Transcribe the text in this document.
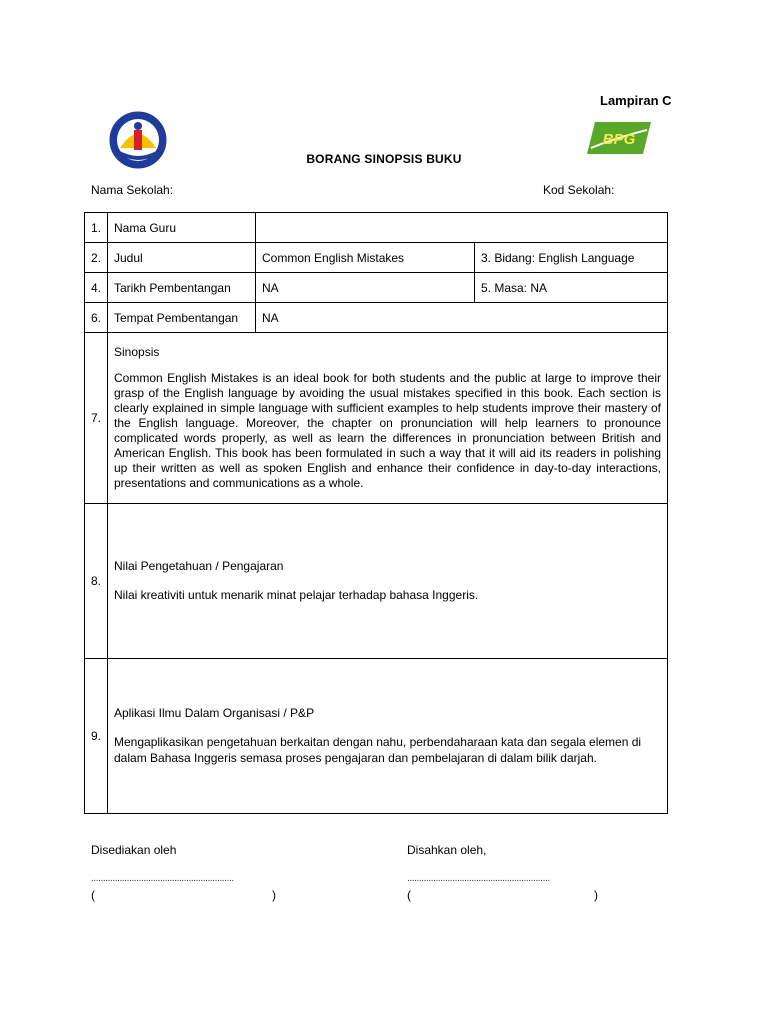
Lampiran C
BPG
BORANG SINOPSIS BUKU
Nama Sekolah:	Kod Sekolah:
1.	Nama Guru		
2.	Judul	Common English Mistakes	3. Bidang: English Language
4.	Tarikh Pembentangan	NA	5. Masa: NA
6.	Tempat Pembentangan	NA	
7.	Sinopsis
Common English Mistakes is an ideal book for both students and the public at large to improve their grasp of the English language by avoiding the usual mistakes specified in this book. Each section is clearly explained in simple language with sufficient examples to help students improve their mastery of the English language. Moreover, the chapter on pronunciation will help learners to pronounce complicated words properly, as well as learn the differences in pronunciation between British and American English. This book has been formulated in such a way that it will aid its readers in polishing up their written as well as spoken English and enhance their confidence in day-to-day interactions, presentations and communications as a whole.		

8.	Nilai Pengetahuan / Pengajaran
Nilai kreativiti untuk menarik minat pelajar terhadap bahasa Inggeris.		

9.	Aplikasi Ilmu Dalam Organisasi / P&P
Mengaplikasikan pengetahuan berkaitan dengan nahu, perbendaharaan kata dan segala elemen di dalam Bahasa Inggeris semasa proses pengajaran dan pembelajaran di dalam bilik darjah.		
Disediakan oleh	Disahkan oleh,
............................................................	............................................................
(	)	(	)
